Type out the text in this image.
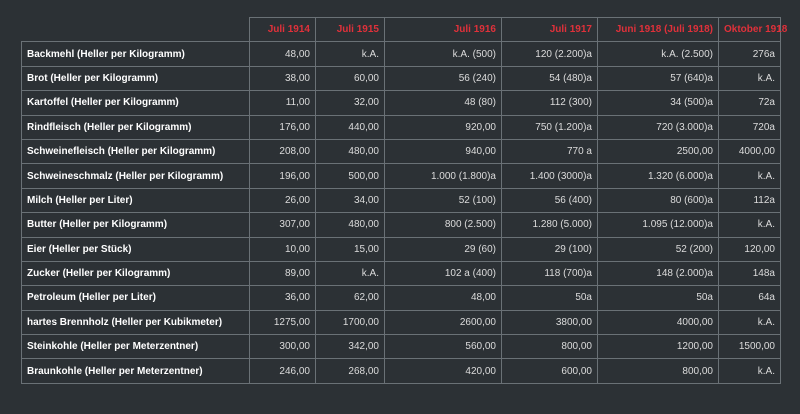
	Juli 1914	Juli 1915	Juli 1916	Juli 1917	Juni 1918 (Juli 1918)	Oktober 1918
Backmehl (Heller per Kilogramm)	48,00	k.A.	k.A. (500)	120 (2.200)a	k.A. (2.500)	276a
Brot (Heller per Kilogramm)	38,00	60,00	56 (240)	54 (480)a	57 (640)a	k.A.
Kartoffel (Heller per Kilogramm)	11,00	32,00	48 (80)	112 (300)	34 (500)a	72a
Rindfleisch (Heller per Kilogramm)	176,00	440,00	920,00	750 (1.200)a	720 (3.000)a	720a
Schweinefleisch (Heller per Kilogramm)	208,00	480,00	940,00	770 a	2500,00	4000,00
Schweineschmalz (Heller per Kilogramm)	196,00	500,00	1.000 (1.800)a	1.400 (3000)a	1.320 (6.000)a	k.A.
Milch (Heller per Liter)	26,00	34,00	52 (100)	56 (400)	80 (600)a	112a
Butter (Heller per Kilogramm)	307,00	480,00	800 (2.500)	1.280 (5.000)	1.095 (12.000)a	k.A.
Eier (Heller per Stück)	10,00	15,00	29 (60)	29 (100)	52 (200)	120,00
Zucker (Heller per Kilogramm)	89,00	k.A.	102 a (400)	118 (700)a	148 (2.000)a	148a
Petroleum (Heller per Liter)	36,00	62,00	48,00	50a	50a	64a
hartes Brennholz (Heller per Kubikmeter)	1275,00	1700,00	2600,00	3800,00	4000,00	k.A.
Steinkohle (Heller per Meterzentner)	300,00	342,00	560,00	800,00	1200,00	1500,00
Braunkohle (Heller per Meterzentner)	246,00	268,00	420,00	600,00	800,00	k.A.
